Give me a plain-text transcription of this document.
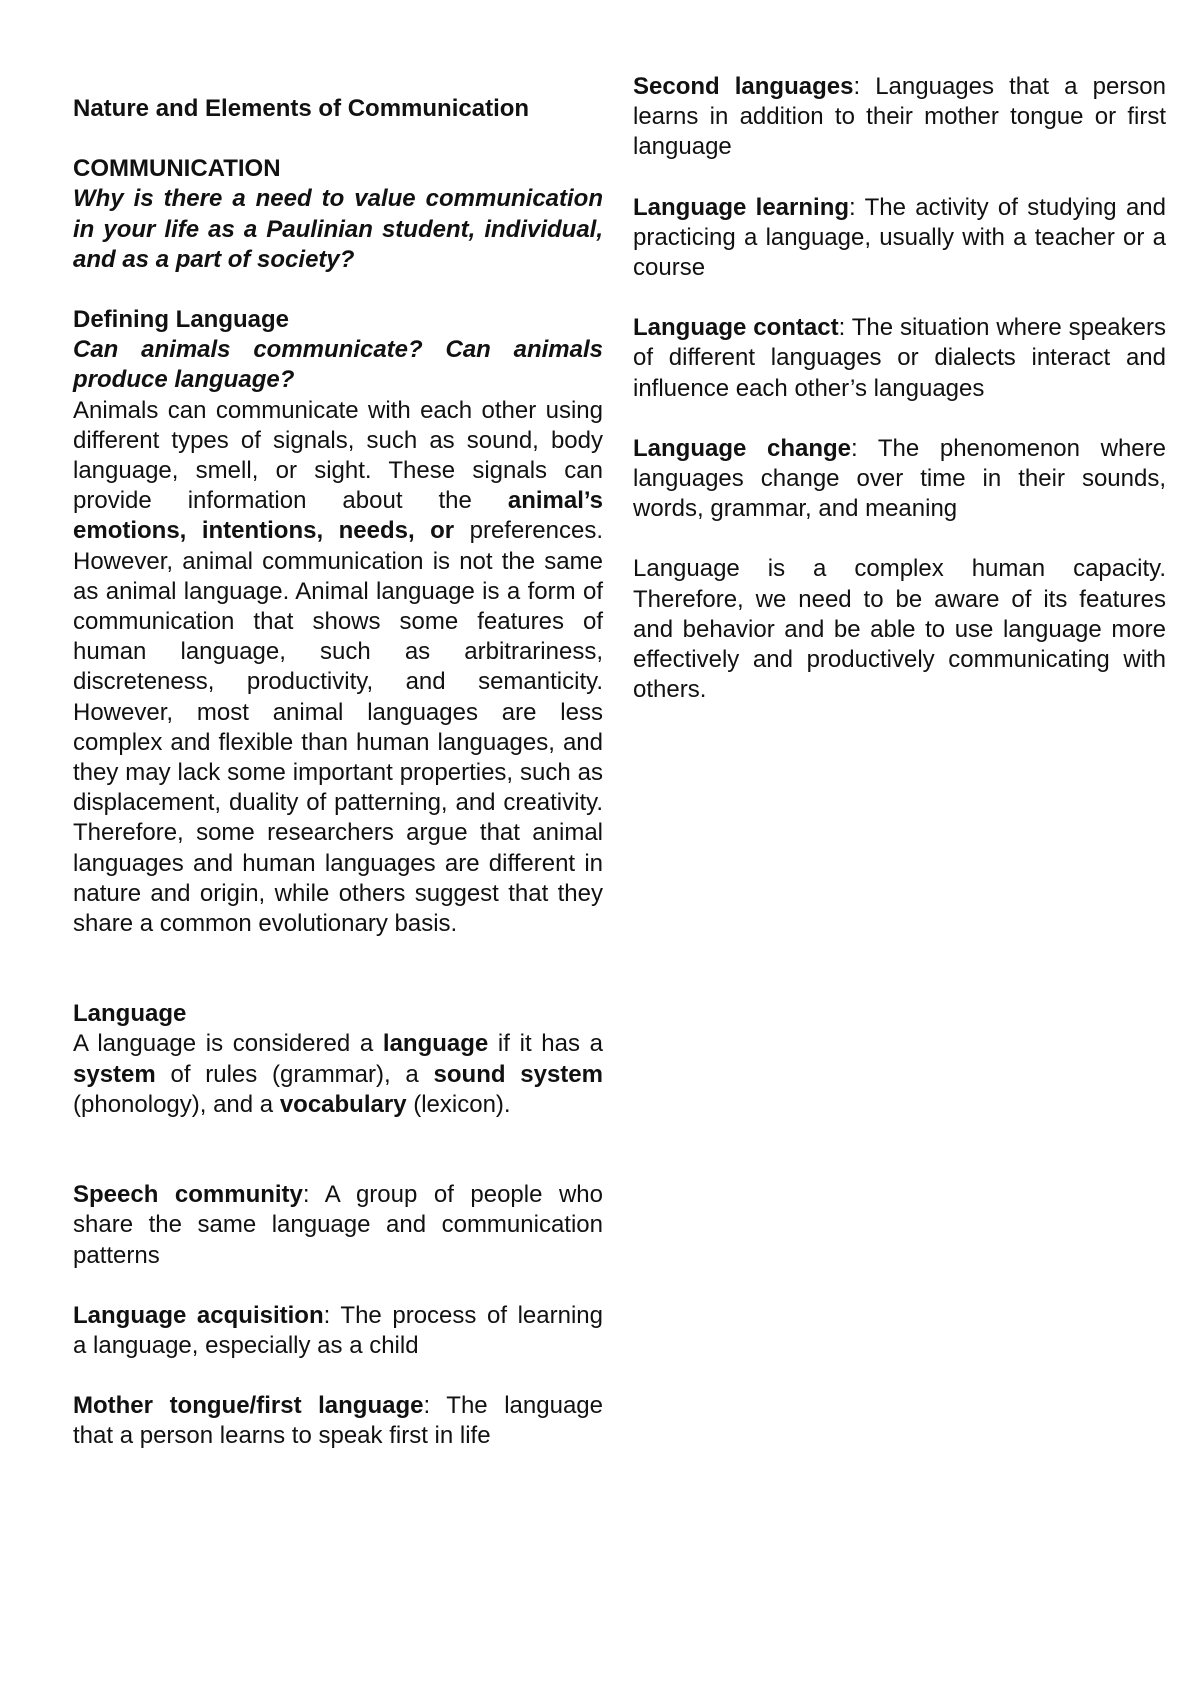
Nature and Elements of Communication

COMMUNICATION

Why is there a need to value communication in your life as a Paulinian student, individual, and as a part of society?

Defining Language

Can animals communicate? Can animals produce language?

Animals can communicate with each other using different types of signals, such as sound, body language, smell, or sight. These signals can provide information about the animal’s emotions, intentions, needs, or preferences. However, animal communication is not the same as animal language. Animal language is a form of communication that shows some features of human language, such as arbitrariness, discreteness, productivity, and semanticity. However, most animal languages are less complex and flexible than human languages, and they may lack some important properties, such as displacement, duality of patterning, and creativity. Therefore, some researchers argue that animal languages and human languages are different in nature and origin, while others suggest that they share a common evolutionary basis.

Language

A language is considered a language if it has a system of rules (grammar), a sound system (phonology), and a vocabulary (lexicon).

Speech community: A group of people who share the same language and communication patterns

Language acquisition: The process of learning a language, especially as a child

Mother tongue/first language: The language that a person learns to speak first in life

Second languages: Languages that a person learns in addition to their mother tongue or first language

Language learning: The activity of studying and practicing a language, usually with a teacher or a course

Language contact: The situation where speakers of different languages or dialects interact and influence each other’s languages

Language change: The phenomenon where languages change over time in their sounds, words, grammar, and meaning

Language is a complex human capacity. Therefore, we need to be aware of its features and behavior and be able to use language more effectively and productively communicating with others.
